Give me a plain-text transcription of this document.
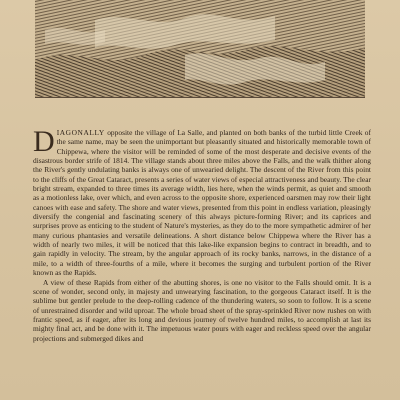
DIAGONALLY opposite the village of La Salle, and planted on both banks of the turbid little Creek of the same name, may be seen the unimportant but pleasantly situated and historically memorable town of Chippewa, where the visitor will be reminded of some of the most desperate and decisive events of the disastrous border strife of 1814. The village stands about three miles above the Falls, and the walk thither along the River's gently undulating banks is always one of unwearied delight. The descent of the River from this point to the cliffs of the Great Cataract, presents a series of water views of especial attractiveness and beauty. The clear bright stream, expanded to three times its average width, lies here, when the winds permit, as quiet and smooth as a motionless lake, over which, and even across to the opposite shore, experienced oarsmen may row their light canoes with ease and safety. The shore and water views, presented from this point in endless variation, pleasingly diversify the congenial and fascinating scenery of this always picture-forming River; and its caprices and surprises prove as enticing to the student of Nature's mysteries, as they do to the more sympathetic admirer of her many curious phantasies and versatile delineations. A short distance below Chippewa where the River has a width of nearly two miles, it will be noticed that this lake-like expansion begins to contract in breadth, and to gain rapidly in velocity. The stream, by the angular approach of its rocky banks, narrows, in the distance of a mile, to a width of three-fourths of a mile, where it becomes the surging and turbulent portion of the River known as the Rapids.

A view of these Rapids from either of the abutting shores, is one no visitor to the Falls should omit. It is a scene of wonder, second only, in majesty and unwearying fascination, to the gorgeous Cataract itself. It is the sublime but gentler prelude to the deep-rolling cadence of the thundering waters, so soon to follow. It is a scene of unrestrained disorder and wild uproar. The whole broad sheet of the spray-sprinkled River now rushes on with frantic speed, as if eager, after its long and devious journey of twelve hundred miles, to accomplish at last its mighty final act, and be done with it. The impetuous water pours with eager and reckless speed over the angular projections and submerged dikes and
